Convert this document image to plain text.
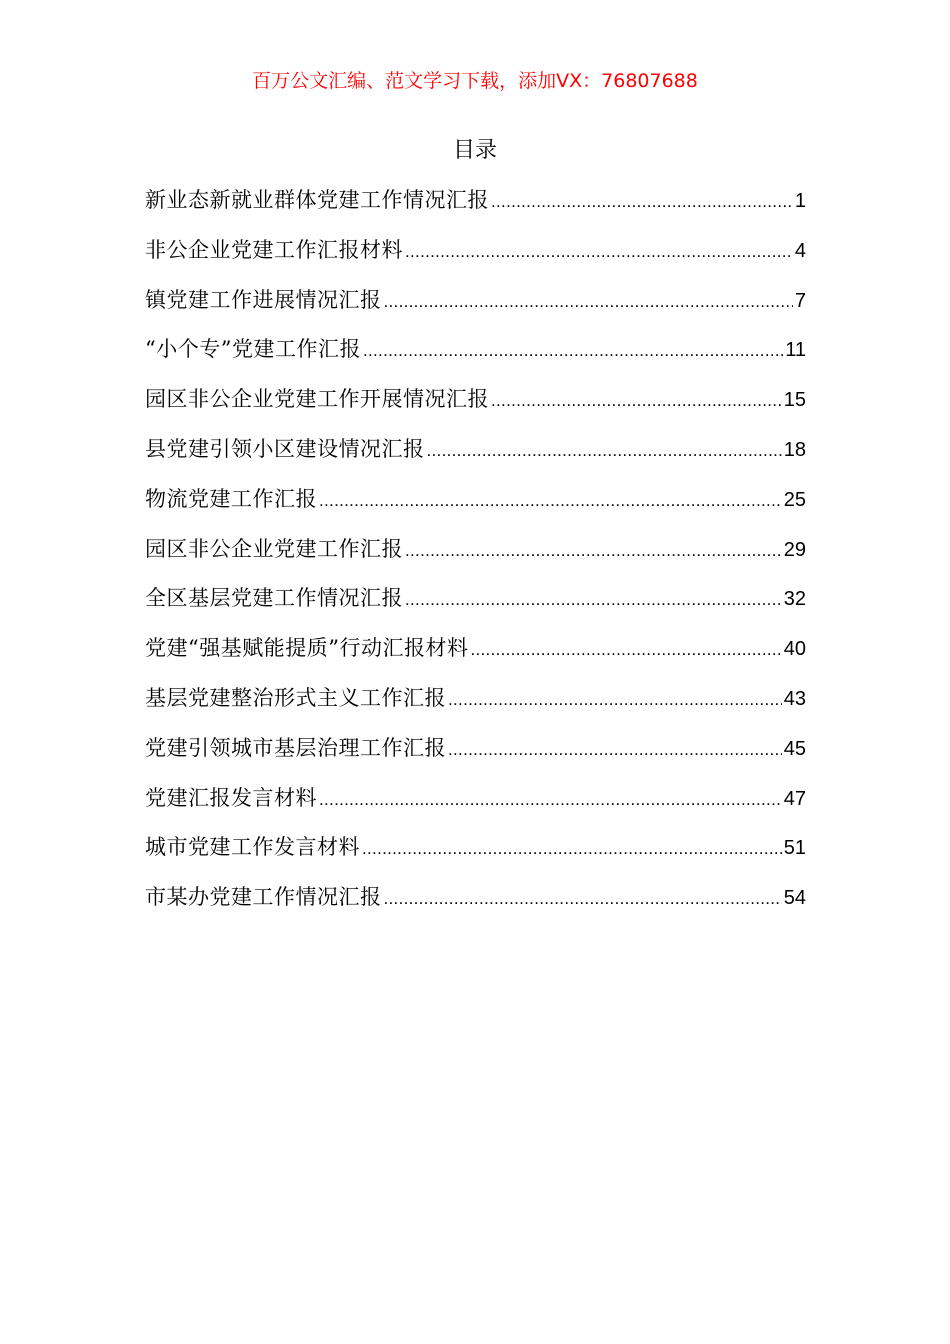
百万公文汇编、范文学习下载，添加VX：76807688
目录
新业态新就业群体党建工作情况汇报 .....	1
非公企业党建工作汇报材料 .....	4
镇党建工作进展情况汇报 .....	7
“小个专”党建工作汇报 .....	11
园区非公企业党建工作开展情况汇报 .....	15
县党建引领小区建设情况汇报 .....	18
物流党建工作汇报 .....	25
园区非公企业党建工作汇报 .....	29
全区基层党建工作情况汇报 .....	32
党建“强基赋能提质”行动汇报材料 .....	40
基层党建整治形式主义工作汇报 .....	43
党建引领城市基层治理工作汇报 .....	45
党建汇报发言材料 .....	47
城市党建工作发言材料 .....	51
市某办党建工作情况汇报 .....	54
